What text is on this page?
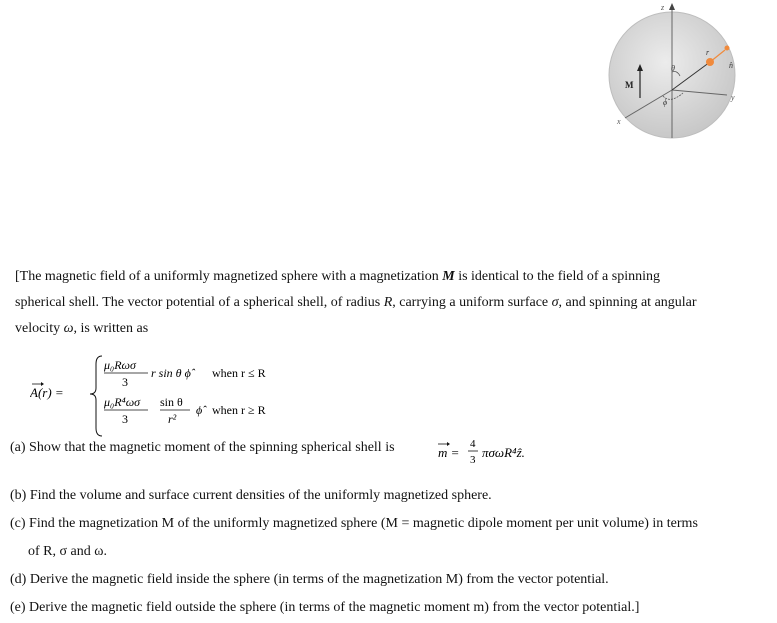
z
y
x
r
n̂
θ
ϕ
M

[The magnetic field of a uniformly magnetized sphere with a magnetization M is identical to the field of a spinning
spherical shell. The vector potential of a spherical shell, of radius R, carrying a uniform surface σ, and spinning at angular
velocity ω, is written as

A(r) =
μ₀Rωσ
3
r sin θ ϕ̂	when r ≤ R
μ₀R⁴ωσ
3
sin θ
r²
ϕ̂ when r ≥ R

(a) Show that the magnetic moment of the spinning spherical shell is	m =
4
3 πσωR⁴ẑ.

(b) Find the volume and surface current densities of the uniformly magnetized sphere.

(c) Find the magnetization M of the uniformly magnetized sphere (M = magnetic dipole moment per unit volume) in terms

of R, σ and ω.

(d) Derive the magnetic field inside the sphere (in terms of the magnetization M) from the vector potential.

(e) Derive the magnetic field outside the sphere (in terms of the magnetic moment m) from the vector potential.]
